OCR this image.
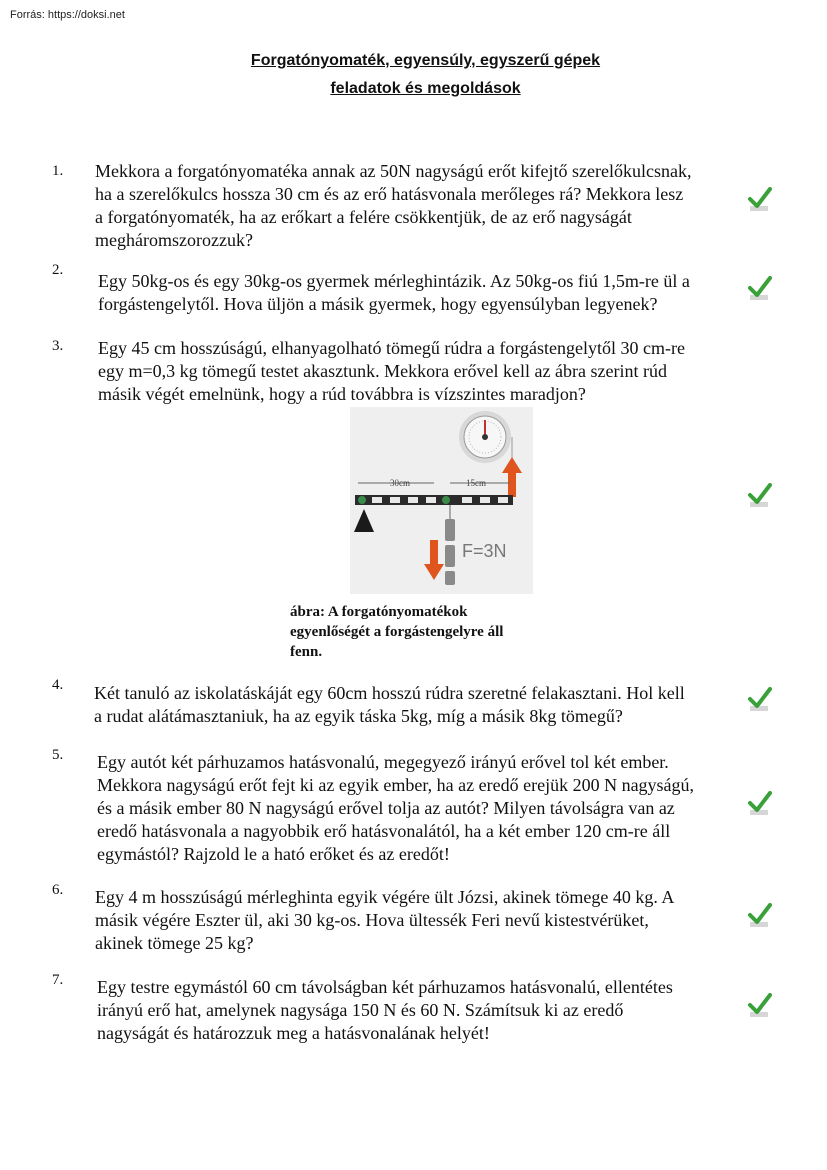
Forrás: https://doksi.net
Forgatónyomaték, egyensúly, egyszerű gépek
feladatok és megoldások
1. Mekkora a forgatónyomatéka annak az 50N nagyságú erőt kifejtő szerelőkulcsnak,
ha a szerelőkulcs hossza 30 cm és az erő hatásvonala merőleges rá? Mekkora lesz
a forgatónyomaték, ha az erőkart a felére csökkentjük, de az erő nagyságát
megháromszorozzuk?
2.
Egy 50kg-os és egy 30kg-os gyermek mérleghintázik. Az 50kg-os fiú 1,5m-re ül a
forgástengelytől. Hova üljön a másik gyermek, hogy egyensúlyban legyenek?
3. Egy 45 cm hosszúságú, elhanyagolható tömegű rúdra a forgástengelytől 30 cm-re
egy m=0,3 kg tömegű testet akasztunk. Mekkora erővel kell az ábra szerint rúd
másik végét emelnünk, hogy a rúd továbbra is vízszintes maradjon?
30cm	15cm
F=3N
ábra: A forgatónyomatékok
egyenlőségét a forgástengelyre áll
fenn.
4. Két tanuló az iskolatáskáját egy 60cm hosszú rúdra szeretné felakasztani. Hol kell
a rudat alátámasztaniuk, ha az egyik táska 5kg, míg a másik 8kg tömegű?
5. Egy autót két párhuzamos hatásvonalú, megegyező irányú erővel tol két ember.
Mekkora nagyságú erőt fejt ki az egyik ember, ha az eredő erejük 200 N nagyságú,
és a másik ember 80 N nagyságú erővel tolja az autót? Milyen távolságra van az
eredő hatásvonala a nagyobbik erő hatásvonalától, ha a két ember 120 cm-re áll
egymástól? Rajzold le a ható erőket és az eredőt!
6. Egy 4 m hosszúságú mérleghinta egyik végére ült Józsi, akinek tömege 40 kg. A
másik végére Eszter ül, aki 30 kg-os. Hova ültessék Feri nevű kistestvérüket,
akinek tömege 25 kg?
7. Egy testre egymástól 60 cm távolságban két párhuzamos hatásvonalú, ellentétes
irányú erő hat, amelynek nagysága 150 N és 60 N. Számítsuk ki az eredő
nagyságát és határozzuk meg a hatásvonalának helyét!
